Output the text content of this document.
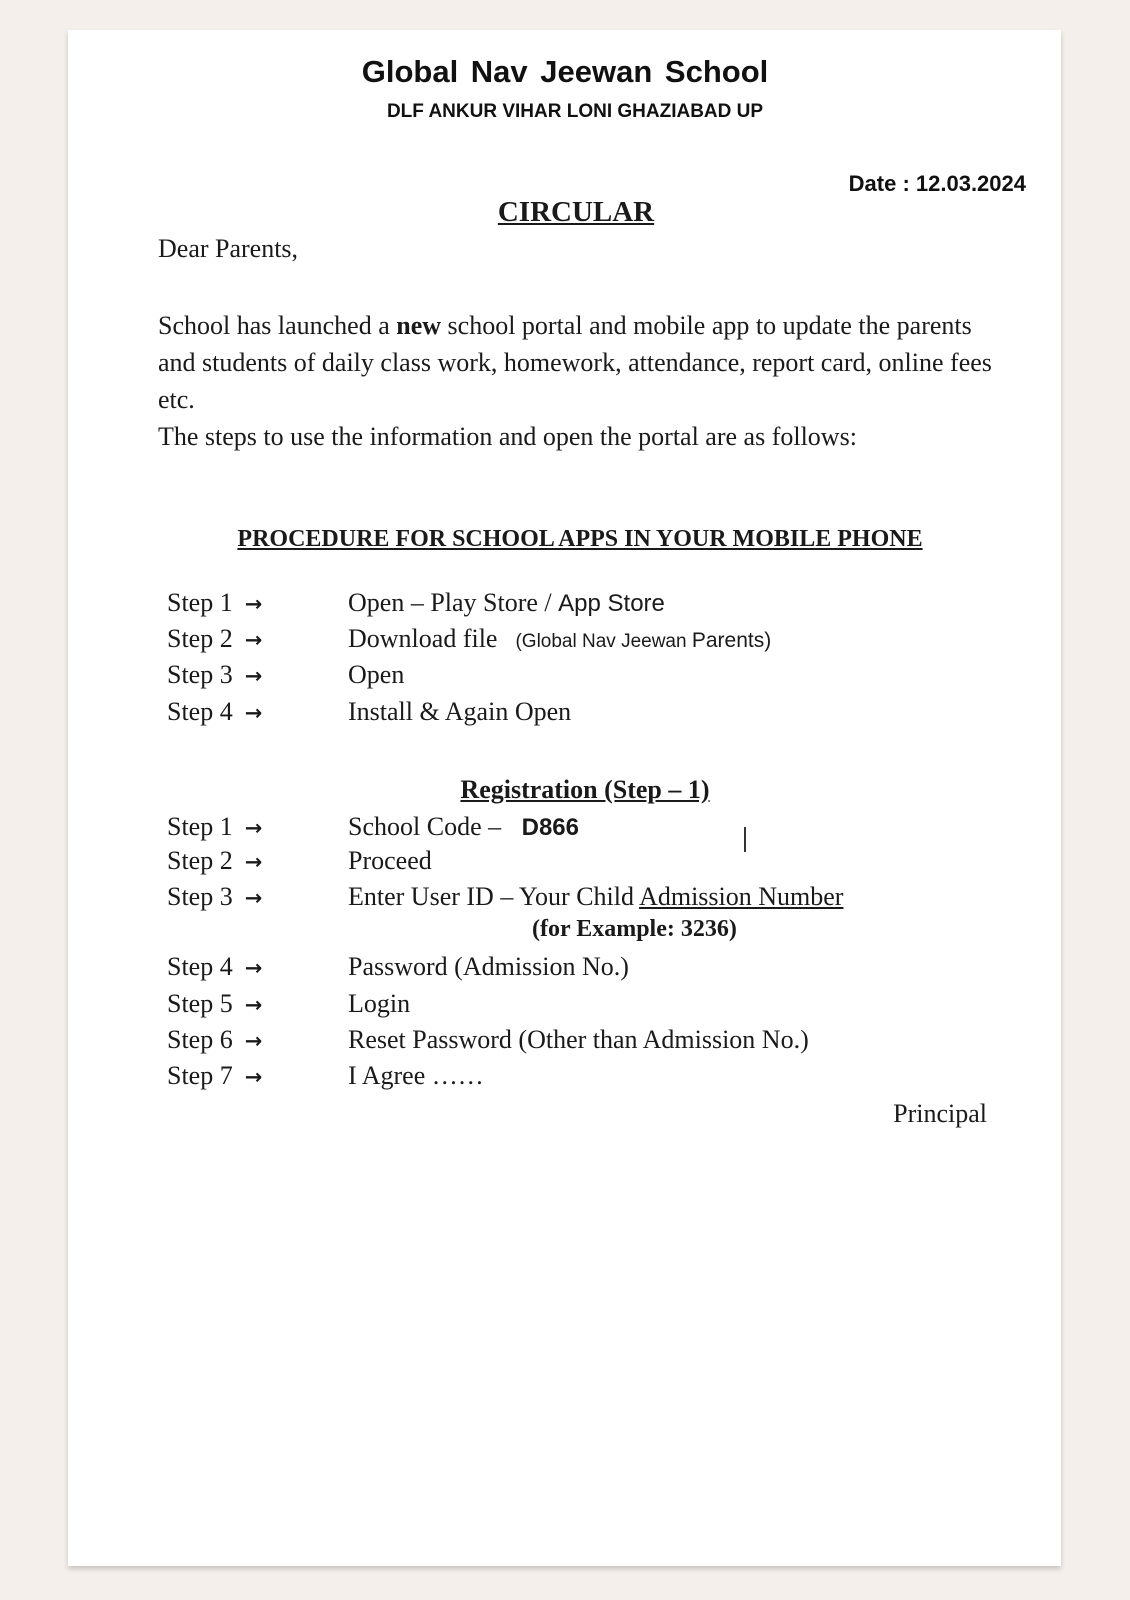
Global Nav Jeewan School
DLF ANKUR VIHAR LONI GHAZIABAD UP
Date : 12.03.2024
CIRCULAR
Dear Parents,

School has launched a new school portal and mobile app to update the parents and students of daily class work, homework, attendance, report card, online fees etc.

The steps to use the information and open the portal are as follows:

PROCEDURE FOR SCHOOL APPS IN YOUR MOBILE PHONE
Step 1 →	Open – Play Store / App Store
Step 2 →	Download file (Global Nav Jeewan Parents)
Step 3 →	Open
Step 4 →	Install & Again Open
Registration (Step – 1)
Step 1 →	School Code – D866
Step 2 →	Proceed
Step 3 →	Enter User ID – Your Child Admission Number
(for Example: 3236)
Step 4 →	Password (Admission No.)
Step 5 →	Login
Step 6 →	Reset Password (Other than Admission No.)
Step 7 →	I Agree ……
Principal
